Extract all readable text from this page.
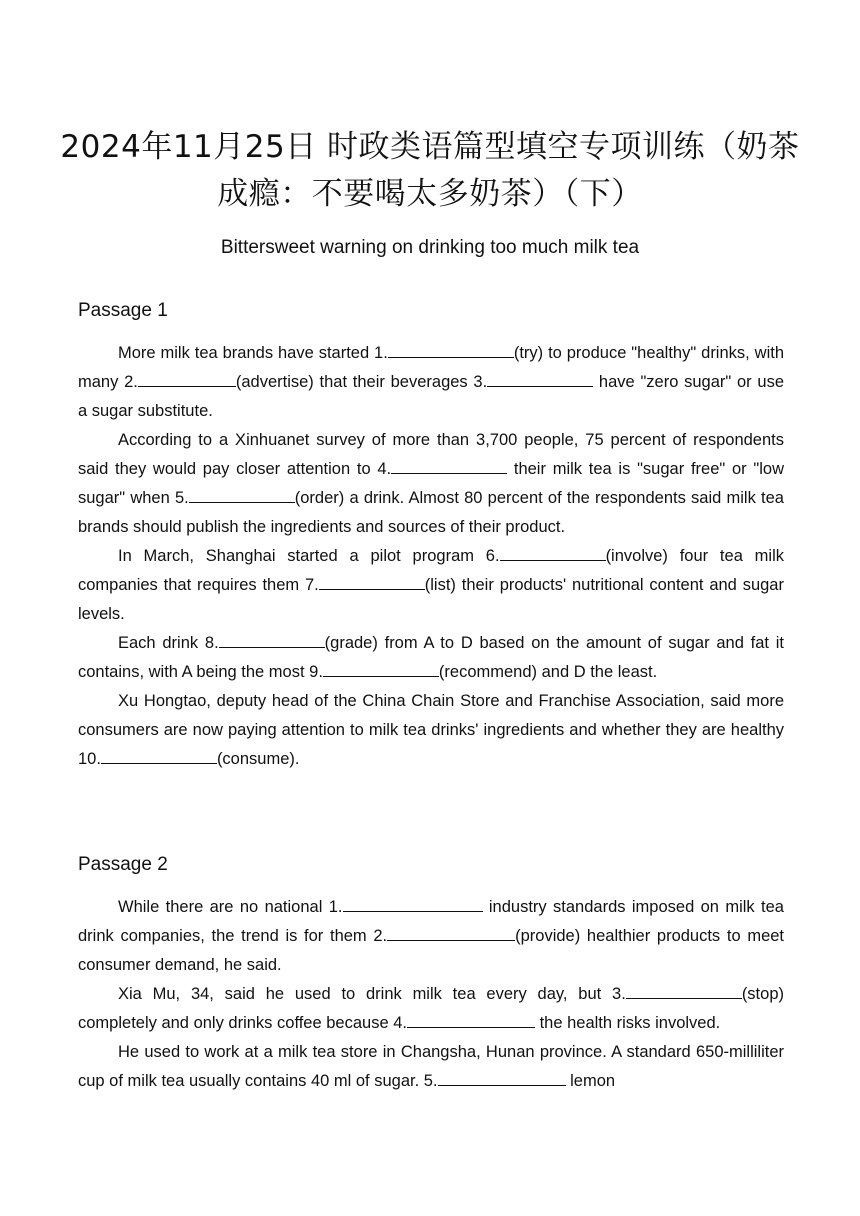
2024年11月25日 时政类语篇型填空专项训练（奶茶成瘾：不要喝太多奶茶）（下）
Bittersweet warning on drinking too much milk tea
Passage 1

More milk tea brands have started 1.	(try) to produce "healthy" drinks, with many 2.	(advertise) that their beverages 3.	have "zero sugar" or use a sugar substitute.

According to a Xinhuanet survey of more than 3,700 people, 75 percent of respondents said they would pay closer attention to 4.	their milk tea is "sugar free" or "low sugar" when 5.	(order) a drink. Almost 80 percent of the respondents said milk tea brands should publish the ingredients and sources of their product.

In March, Shanghai started a pilot program 6.	(involve) four tea milk companies that requires them 7.	(list) their products' nutritional content and sugar levels.

Each drink 8.	(grade) from A to D based on the amount of sugar and fat it contains, with A being the most 9.	(recommend) and D the least.

Xu Hongtao, deputy head of the China Chain Store and Franchise Association, said more consumers are now paying attention to milk tea drinks' ingredients and whether they are healthy 10.	(consume).

Passage 2

While there are no national 1.	industry standards imposed on milk tea drink companies, the trend is for them 2.	(provide) healthier products to meet consumer demand, he said.

Xia Mu, 34, said he used to drink milk tea every day, but 3.	(stop) completely and only drinks coffee because 4.	the health risks involved.

He used to work at a milk tea store in Changsha, Hunan province. A standard 650-milliliter cup of milk tea usually contains 40 ml of sugar. 5.	lemon
